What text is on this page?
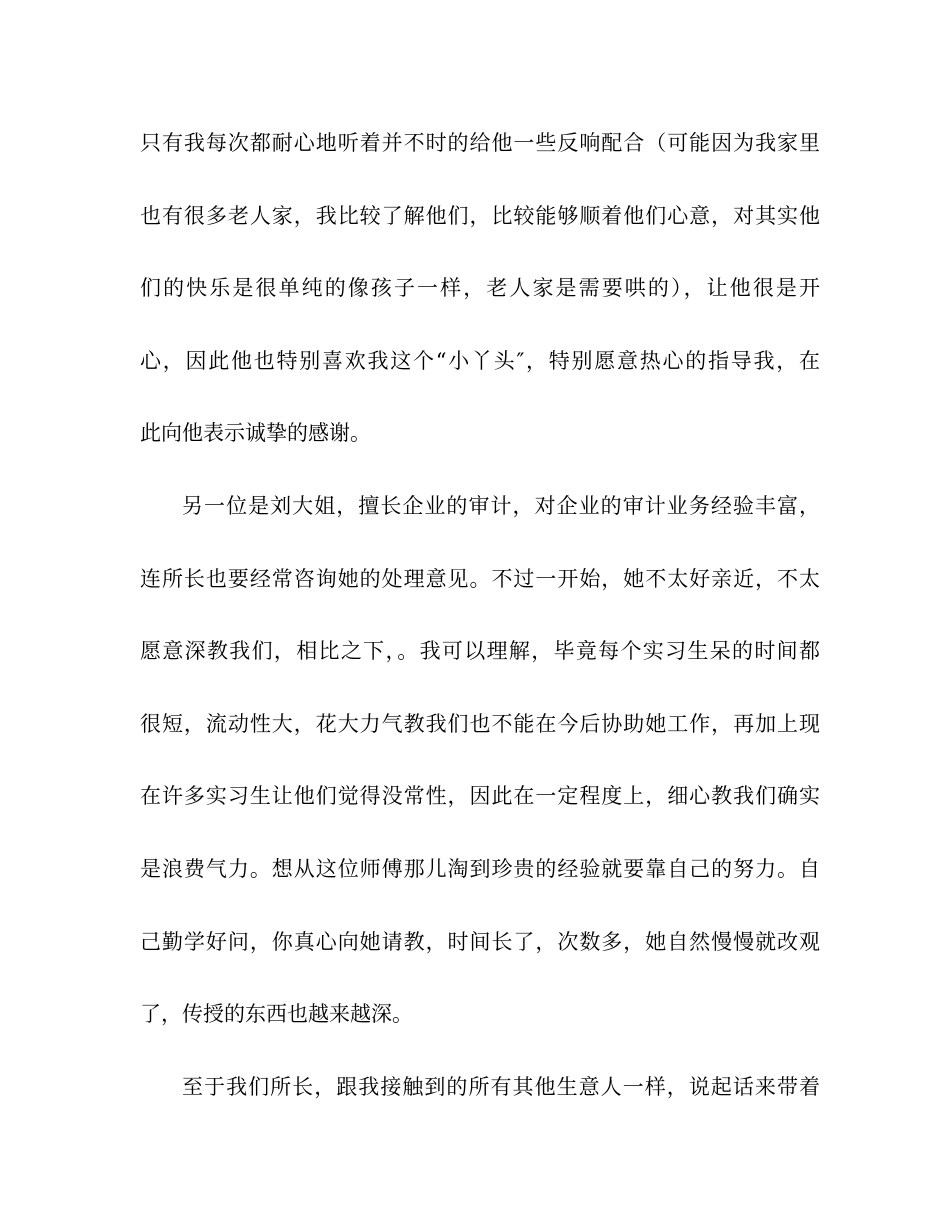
只有我每次都耐心地听着并不时的给他一些反响配合（可能因为我家里
也有很多老人家，我比较了解他们，比较能够顺着他们心意，对其实他
们的快乐是很单纯的像孩子一样，老人家是需要哄的），让他很是开
心，因此他也特别喜欢我这个“小丫头″，特别愿意热心的指导我，在
此向他表示诚挚的感谢。
另一位是刘大姐，擅长企业的审计，对企业的审计业务经验丰富，
连所长也要经常咨询她的处理意见。不过一开始，她不太好亲近，不太
愿意深教我们，相比之下，。我可以理解，毕竟每个实习生呆的时间都
很短，流动性大，花大力气教我们也不能在今后协助她工作，再加上现
在许多实习生让他们觉得没常性，因此在一定程度上，细心教我们确实
是浪费气力。想从这位师傅那儿淘到珍贵的经验就要靠自己的努力。自
己勤学好问，你真心向她请教，时间长了，次数多，她自然慢慢就改观
了，传授的东西也越来越深。
至于我们所长，跟我接触到的所有其他生意人一样，说起话来带着
